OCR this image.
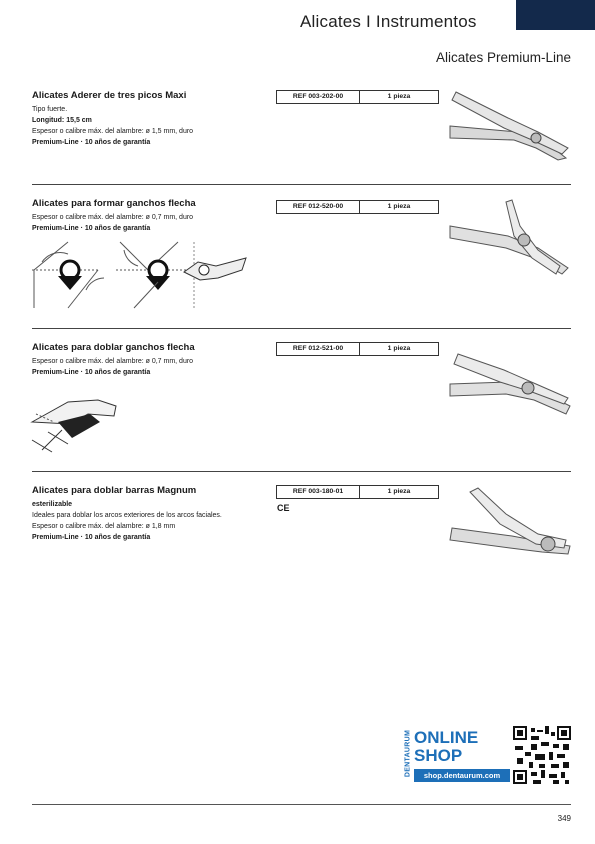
Alicates I Instrumentos
Alicates Premium-Line

Alicates Aderer de tres picos Maxi

Tipo fuerte.

Longitud: 15,5 cm

Espesor o calibre máx. del alambre: ø 1,5 mm, duro

Premium-Line · 10 años de garantía

REF 003-202-00	1 pieza

Alicates para formar ganchos flecha

Espesor o calibre máx. del alambre: ø 0,7 mm, duro

Premium-Line · 10 años de garantía

REF 012-520-00	1 pieza

Alicates para doblar ganchos flecha

Espesor o calibre máx. del alambre: ø 0,7 mm, duro

Premium-Line · 10 años de garantía

REF 012-521-00	1 pieza

Alicates para doblar barras Magnum

esterilizable

Ideales para doblar los arcos exteriores de los arcos faciales.

Espesor o calibre máx. del alambre: ø 1,8 mm

Premium-Line · 10 años de garantía

REF 003-180-01	1 pieza
CE
DENTAURUM ONLINE
SHOP
shop.dentaurum.com
349
